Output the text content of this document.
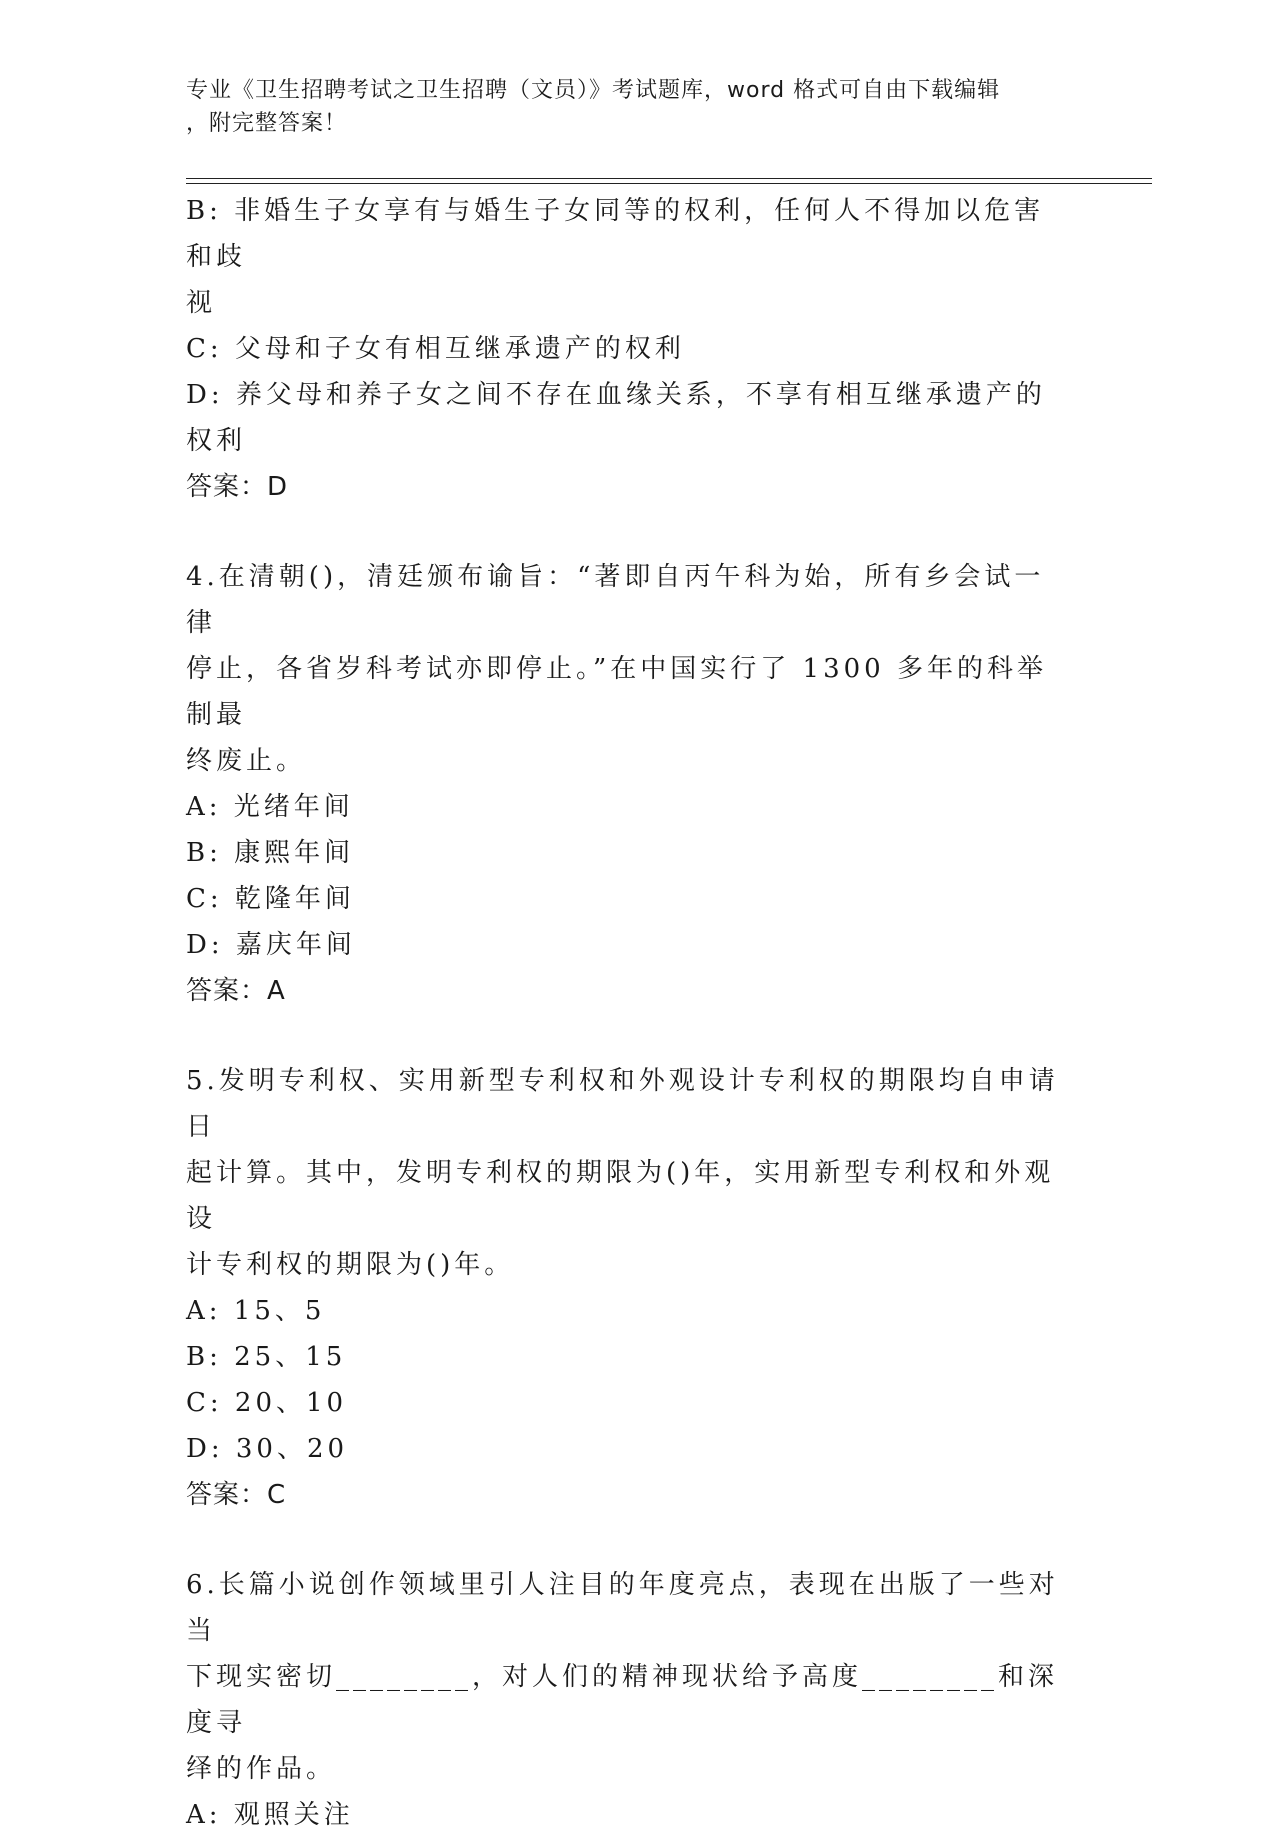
专业《卫生招聘考试之卫生招聘（文员）》考试题库，word 格式可自由下载编辑
，附完整答案！
B: 非婚生子女享有与婚生子女同等的权利，任何人不得加以危害和歧
视
C: 父母和子女有相互继承遗产的权利
D: 养父母和养子女之间不存在血缘关系，不享有相互继承遗产的权利
答案：D
4.在清朝()，清廷颁布谕旨：“著即自丙午科为始，所有乡会试一律
停止，各省岁科考试亦即停止。”在中国实行了 1300 多年的科举制最
终废止。
A: 光绪年间
B: 康熙年间
C: 乾隆年间
D: 嘉庆年间
答案：A
5.发明专利权、实用新型专利权和外观设计专利权的期限均自申请日
起计算。其中，发明专利权的期限为()年，实用新型专利权和外观设
计专利权的期限为()年。
A: 15、5
B: 25、15
C: 20、10
D: 30、20
答案：C
6.长篇小说创作领域里引人注目的年度亮点，表现在出版了一些对当
下现实密切________，对人们的精神现状给予高度________和深度寻
绎的作品。
A: 观照关注
